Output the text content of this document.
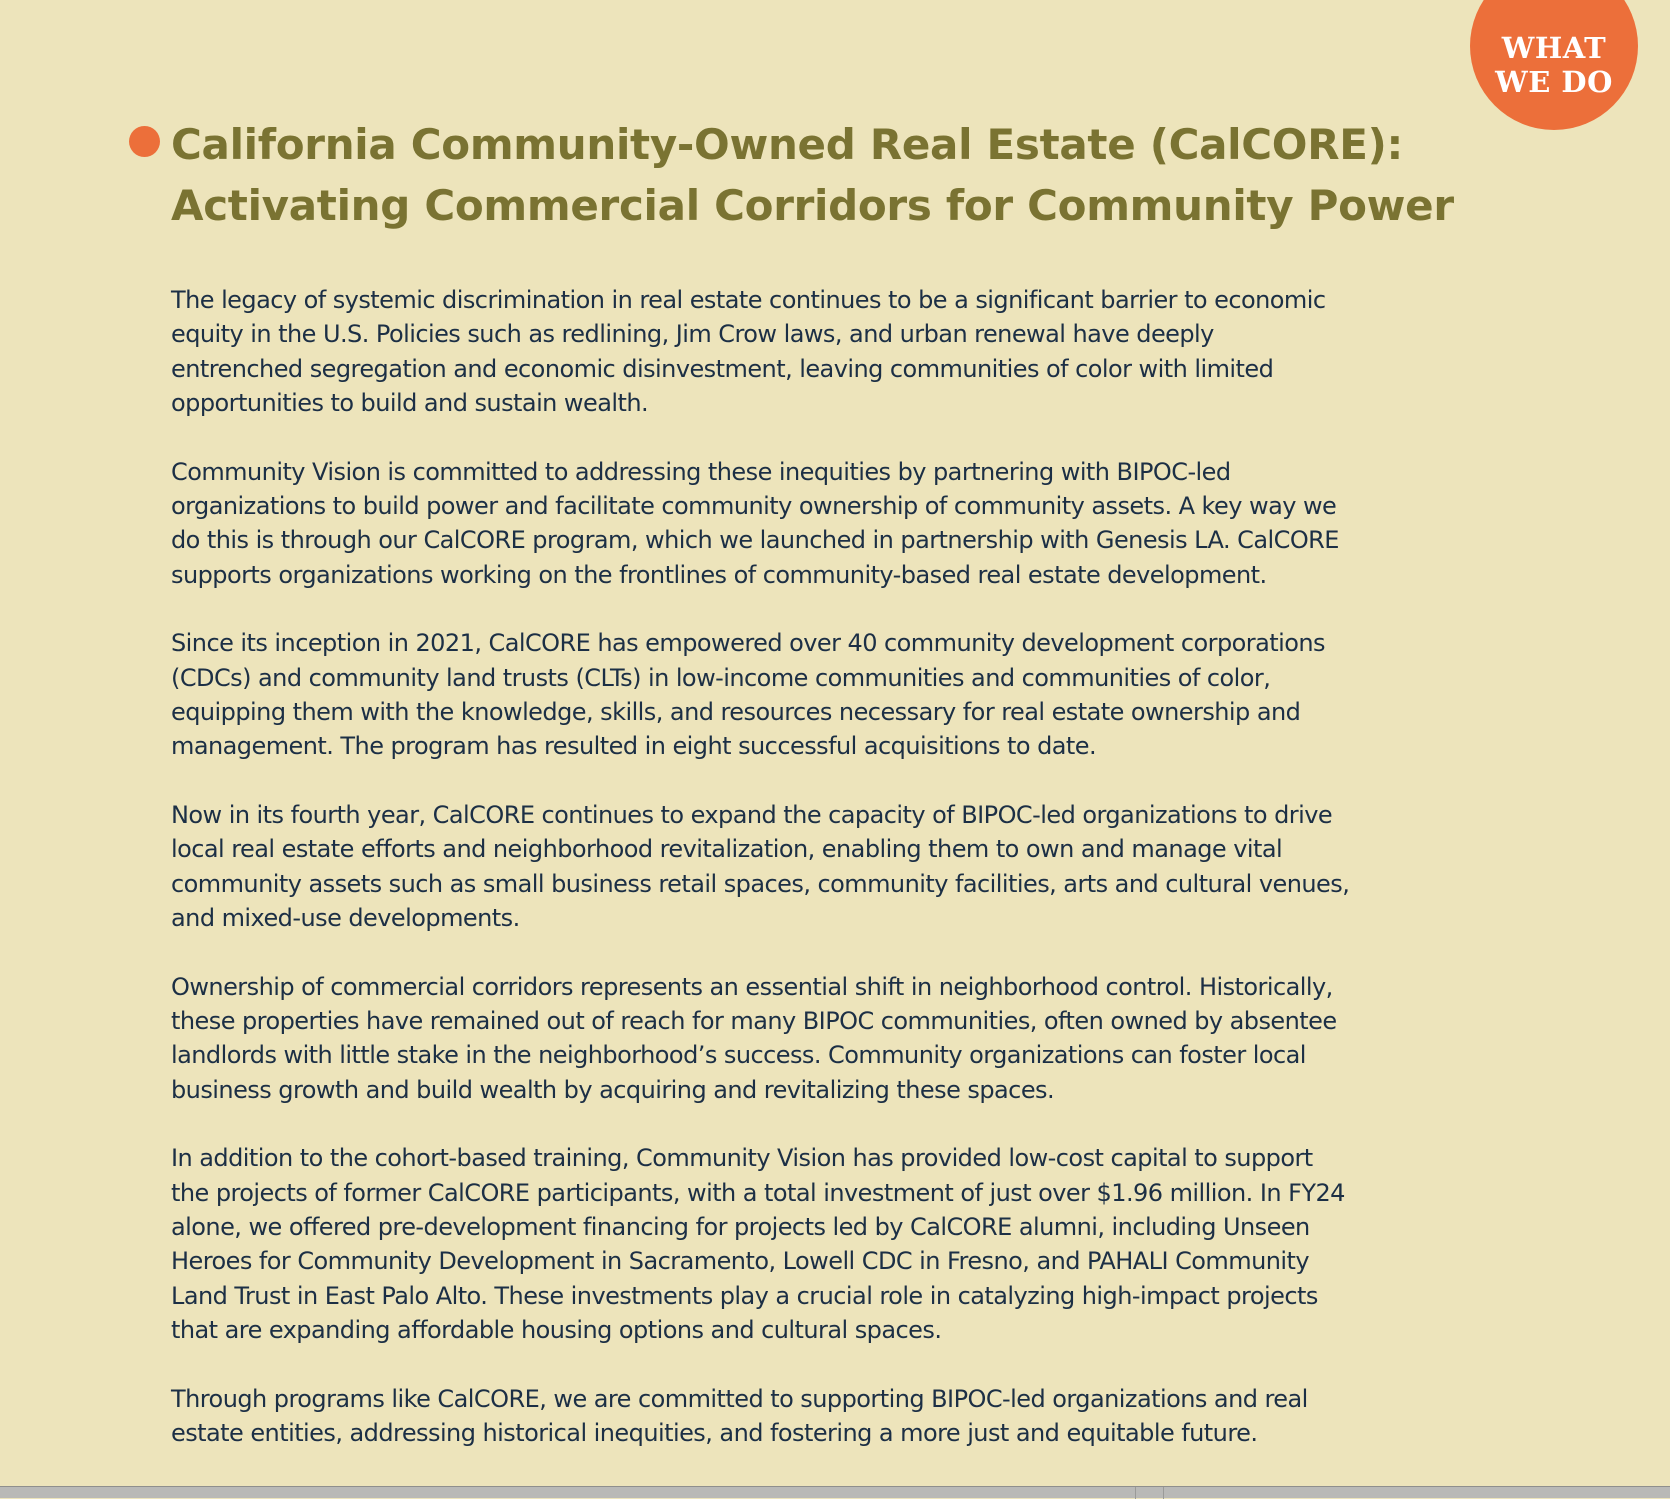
WHAT
WE DO
California Community-Owned Real Estate (CalCORE):
Activating Commercial Corridors for Community Power

The legacy of systemic discrimination in real estate continues to be a significant barrier to economic
equity in the U.S. Policies such as redlining, Jim Crow laws, and urban renewal have deeply
entrenched segregation and economic disinvestment, leaving communities of color with limited
opportunities to build and sustain wealth.

Community Vision is committed to addressing these inequities by partnering with BIPOC-led
organizations to build power and facilitate community ownership of community assets. A key way we
do this is through our CalCORE program, which we launched in partnership with Genesis LA. CalCORE
supports organizations working on the frontlines of community-based real estate development.

Since its inception in 2021, CalCORE has empowered over 40 community development corporations
(CDCs) and community land trusts (CLTs) in low-income communities and communities of color,
equipping them with the knowledge, skills, and resources necessary for real estate ownership and
management. The program has resulted in eight successful acquisitions to date.

Now in its fourth year, CalCORE continues to expand the capacity of BIPOC-led organizations to drive
local real estate efforts and neighborhood revitalization, enabling them to own and manage vital
community assets such as small business retail spaces, community facilities, arts and cultural venues,
and mixed-use developments.

Ownership of commercial corridors represents an essential shift in neighborhood control. Historically,
these properties have remained out of reach for many BIPOC communities, often owned by absentee
landlords with little stake in the neighborhood’s success. Community organizations can foster local
business growth and build wealth by acquiring and revitalizing these spaces.

In addition to the cohort-based training, Community Vision has provided low-cost capital to support
the projects of former CalCORE participants, with a total investment of just over $1.96 million. In FY24
alone, we offered pre-development financing for projects led by CalCORE alumni, including Unseen
Heroes for Community Development in Sacramento, Lowell CDC in Fresno, and PAHALI Community
Land Trust in East Palo Alto. These investments play a crucial role in catalyzing high-impact projects
that are expanding affordable housing options and cultural spaces.

Through programs like CalCORE, we are committed to supporting BIPOC-led organizations and real
estate entities, addressing historical inequities, and fostering a more just and equitable future.
